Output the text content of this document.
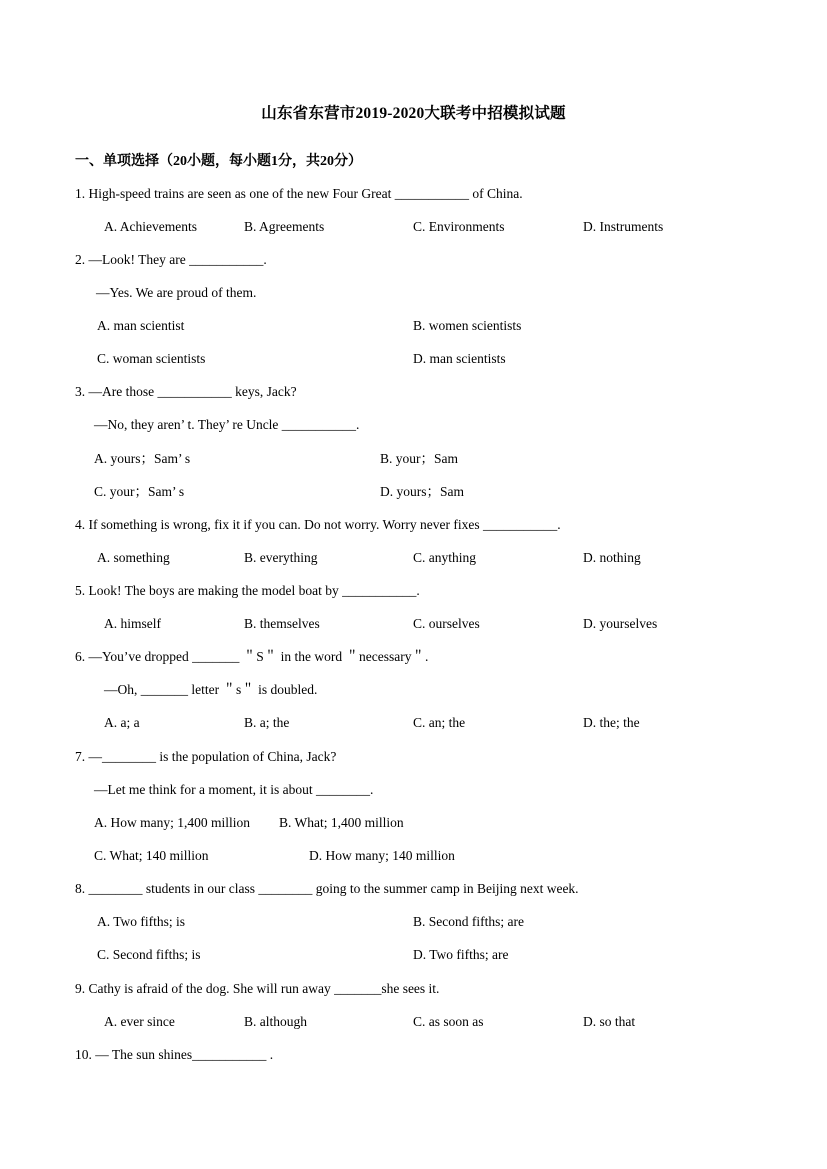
山东省东营市2019-2020大联考中招模拟试题
一、单项选择（20小题，每小题1分，共20分）
1. High-speed trains are seen as one of the new Four Great ___________ of China.
A. Achievements	B. Agreements	C. Environments	D. Instruments
2. —Look! They are ___________.
—Yes. We are proud of them.
A. man scientist	B. women scientists
C. woman scientists	D. man scientists
3. —Are those ___________ keys, Jack?
—No, they aren’ t. They’ re Uncle ___________.
A. yours；Sam’ s	B. your；Sam
C. your；Sam’ s	D. yours；Sam
4. If something is wrong, fix it if you can. Do not worry. Worry never fixes ___________.
A. something	B. everything	C. anything	D. nothing
5. Look! The boys are making the model boat by ___________.
A. himself	B. themselves	C. ourselves	D. yourselves
6. —You’ve dropped _______ ＂S＂ in the word ＂necessary＂.
—Oh, _______ letter ＂s＂ is doubled.
A. a; a	B. a; the	C. an; the	D. the; the
7. —________ is the population of China, Jack?
—Let me think for a moment, it is about ________.
A. How many; 1,400 million B. What; 1,400 million
C. What; 140 million	D. How many; 140 million
8. ________ students in our class ________ going to the summer camp in Beijing next week.
A. Two fifths; is	B. Second fifths; are
C. Second fifths; is	D. Two fifths; are
9. Cathy is afraid of the dog. She will run away _______she sees it.
A. ever since	B. although	C. as soon as	D. so that
10. — The sun shines___________ .
